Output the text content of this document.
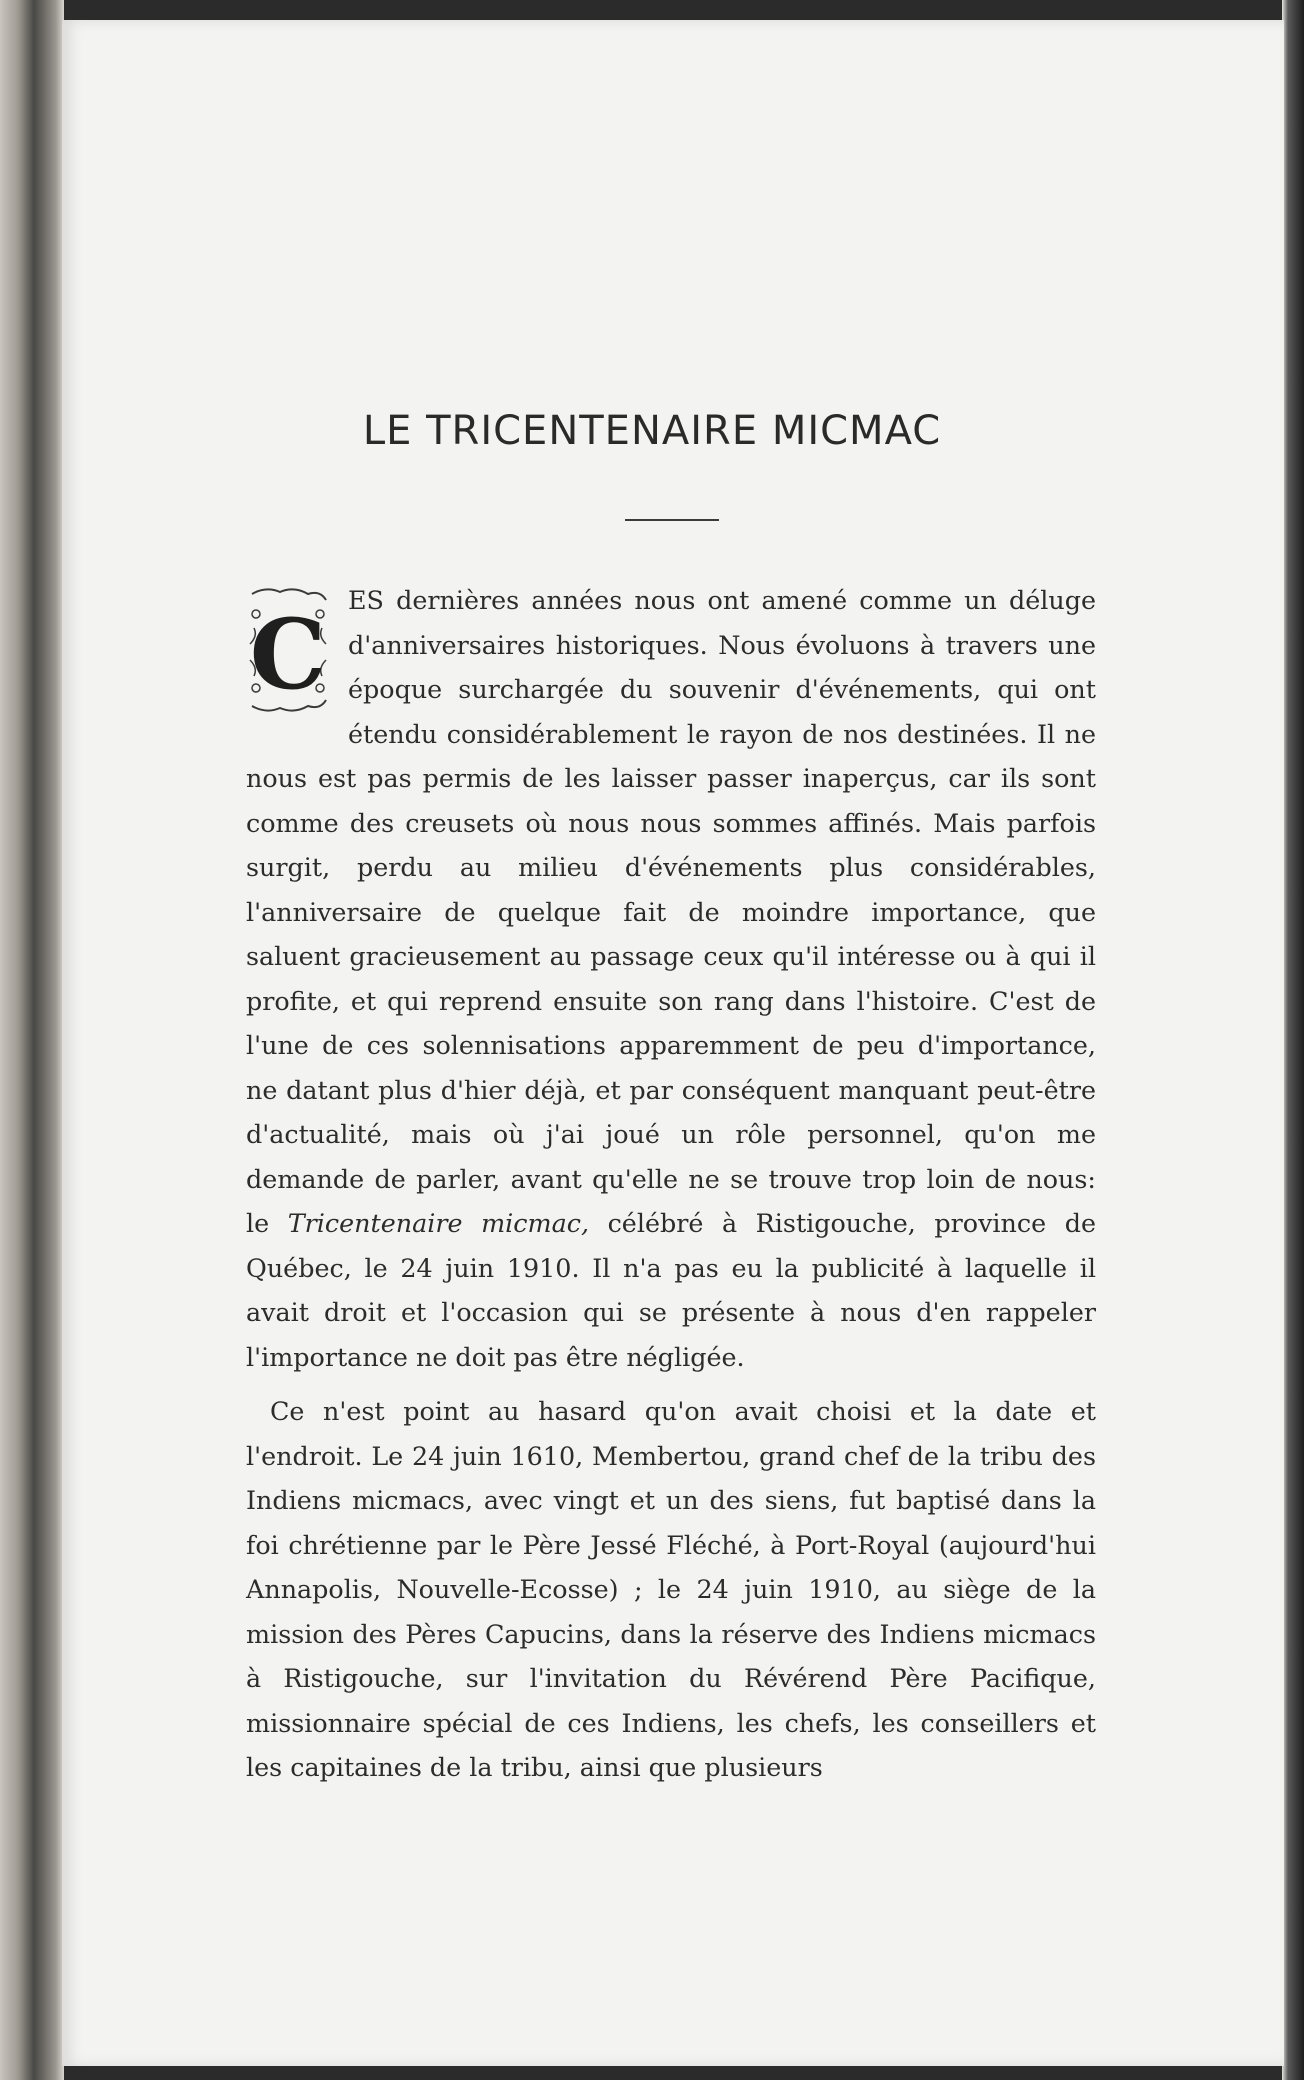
LE TRICENTENAIRE MICMAC

C ES dernières années nous ont amené comme un déluge d'anniversaires historiques. Nous évoluons à travers une époque surchargée du souvenir d'événements, qui ont étendu considérablement le rayon de nos destinées. Il ne nous est pas permis de les laisser passer inaperçus, car ils sont comme des creusets où nous nous sommes affinés. Mais parfois surgit, perdu au milieu d'événements plus considérables, l'anniversaire de quelque fait de moindre importance, que saluent gracieusement au passage ceux qu'il intéresse ou à qui il profite, et qui reprend ensuite son rang dans l'histoire. C'est de l'une de ces solennisations apparemment de peu d'importance, ne datant plus d'hier déjà, et par conséquent manquant peut-être d'actualité, mais où j'ai joué un rôle personnel, qu'on me demande de parler, avant qu'elle ne se trouve trop loin de nous: le Tricentenaire micmac, célébré à Ristigouche, province de Québec, le 24 juin 1910. Il n'a pas eu la publicité à laquelle il avait droit et l'occasion qui se présente à nous d'en rappeler l'importance ne doit pas être négligée.

Ce n'est point au hasard qu'on avait choisi et la date et l'endroit. Le 24 juin 1610, Membertou, grand chef de la tribu des Indiens micmacs, avec vingt et un des siens, fut baptisé dans la foi chrétienne par le Père Jessé Fléché, à Port-Royal (aujourd'hui Annapolis, Nouvelle-Ecosse) ; le 24 juin 1910, au siège de la mission des Pères Capucins, dans la réserve des Indiens micmacs à Ristigouche, sur l'invitation du Révérend Père Pacifique, missionnaire spécial de ces Indiens, les chefs, les conseillers et les capitaines de la tribu, ainsi que plusieurs
